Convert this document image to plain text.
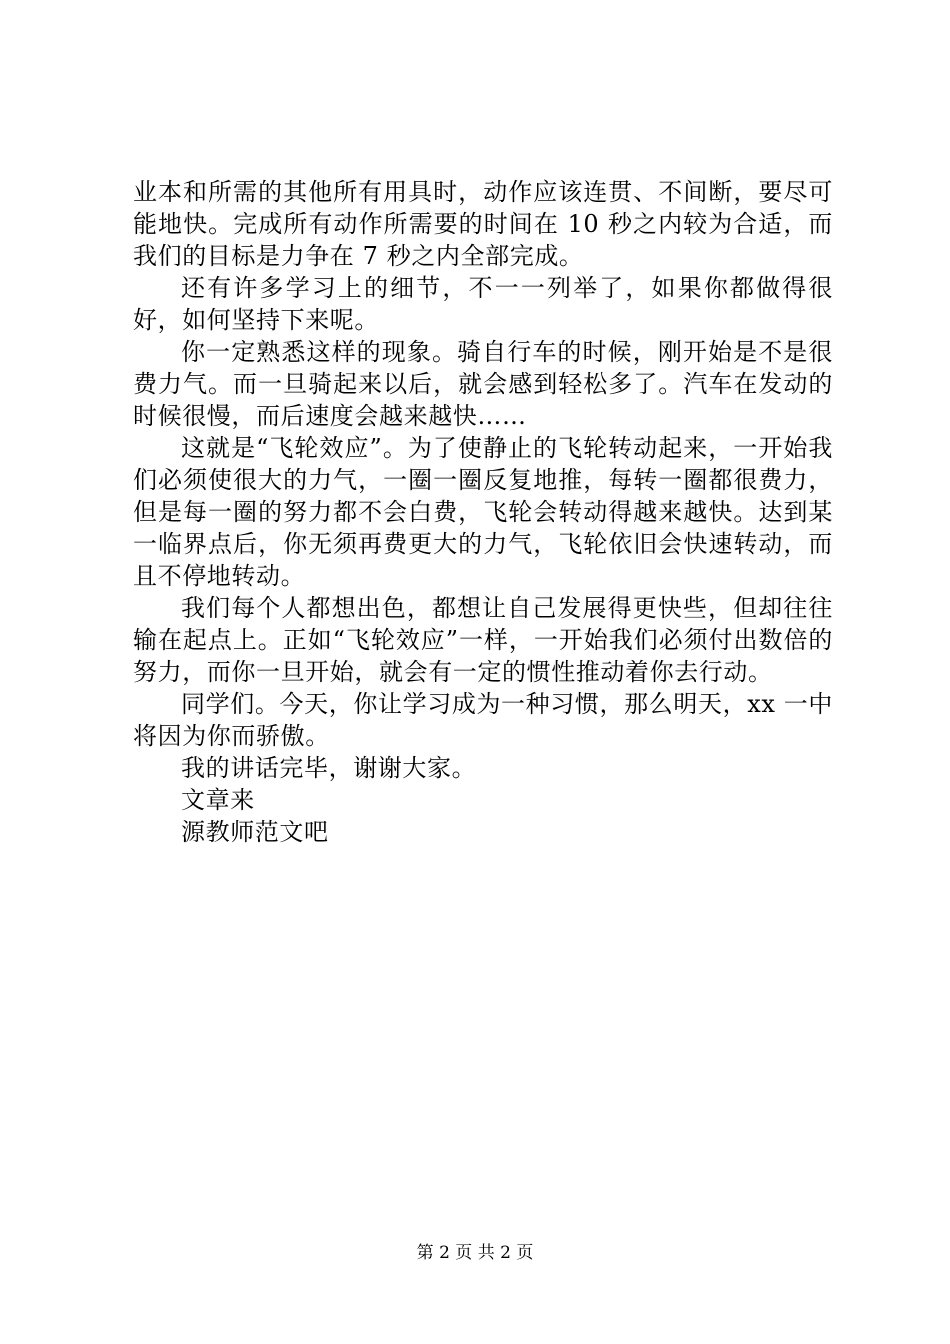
业本和所需的其他所有用具时，动作应该连贯、不间断，要尽可能地快。完成所有动作所需要的时间在 10 秒之内较为合适，而我们的目标是力争在 7 秒之内全部完成。

还有许多学习上的细节，不一一列举了，如果你都做得很好，如何坚持下来呢。

你一定熟悉这样的现象。骑自行车的时候，刚开始是不是很费力气。而一旦骑起来以后，就会感到轻松多了。汽车在发动的时候很慢，而后速度会越来越快……

这就是“飞轮效应”。为了使静止的飞轮转动起来，一开始我们必须使很大的力气，一圈一圈反复地推，每转一圈都很费力，但是每一圈的努力都不会白费，飞轮会转动得越来越快。达到某一临界点后，你无须再费更大的力气，飞轮依旧会快速转动，而且不停地转动。

我们每个人都想出色，都想让自己发展得更快些，但却往往输在起点上。正如“飞轮效应”一样，一开始我们必须付出数倍的努力，而你一旦开始，就会有一定的惯性推动着你去行动。

同学们。今天，你让学习成为一种习惯，那么明天，xx 一中将因为你而骄傲。

我的讲话完毕，谢谢大家。

文章来

源教师范文吧

第 2 页 共 2 页
